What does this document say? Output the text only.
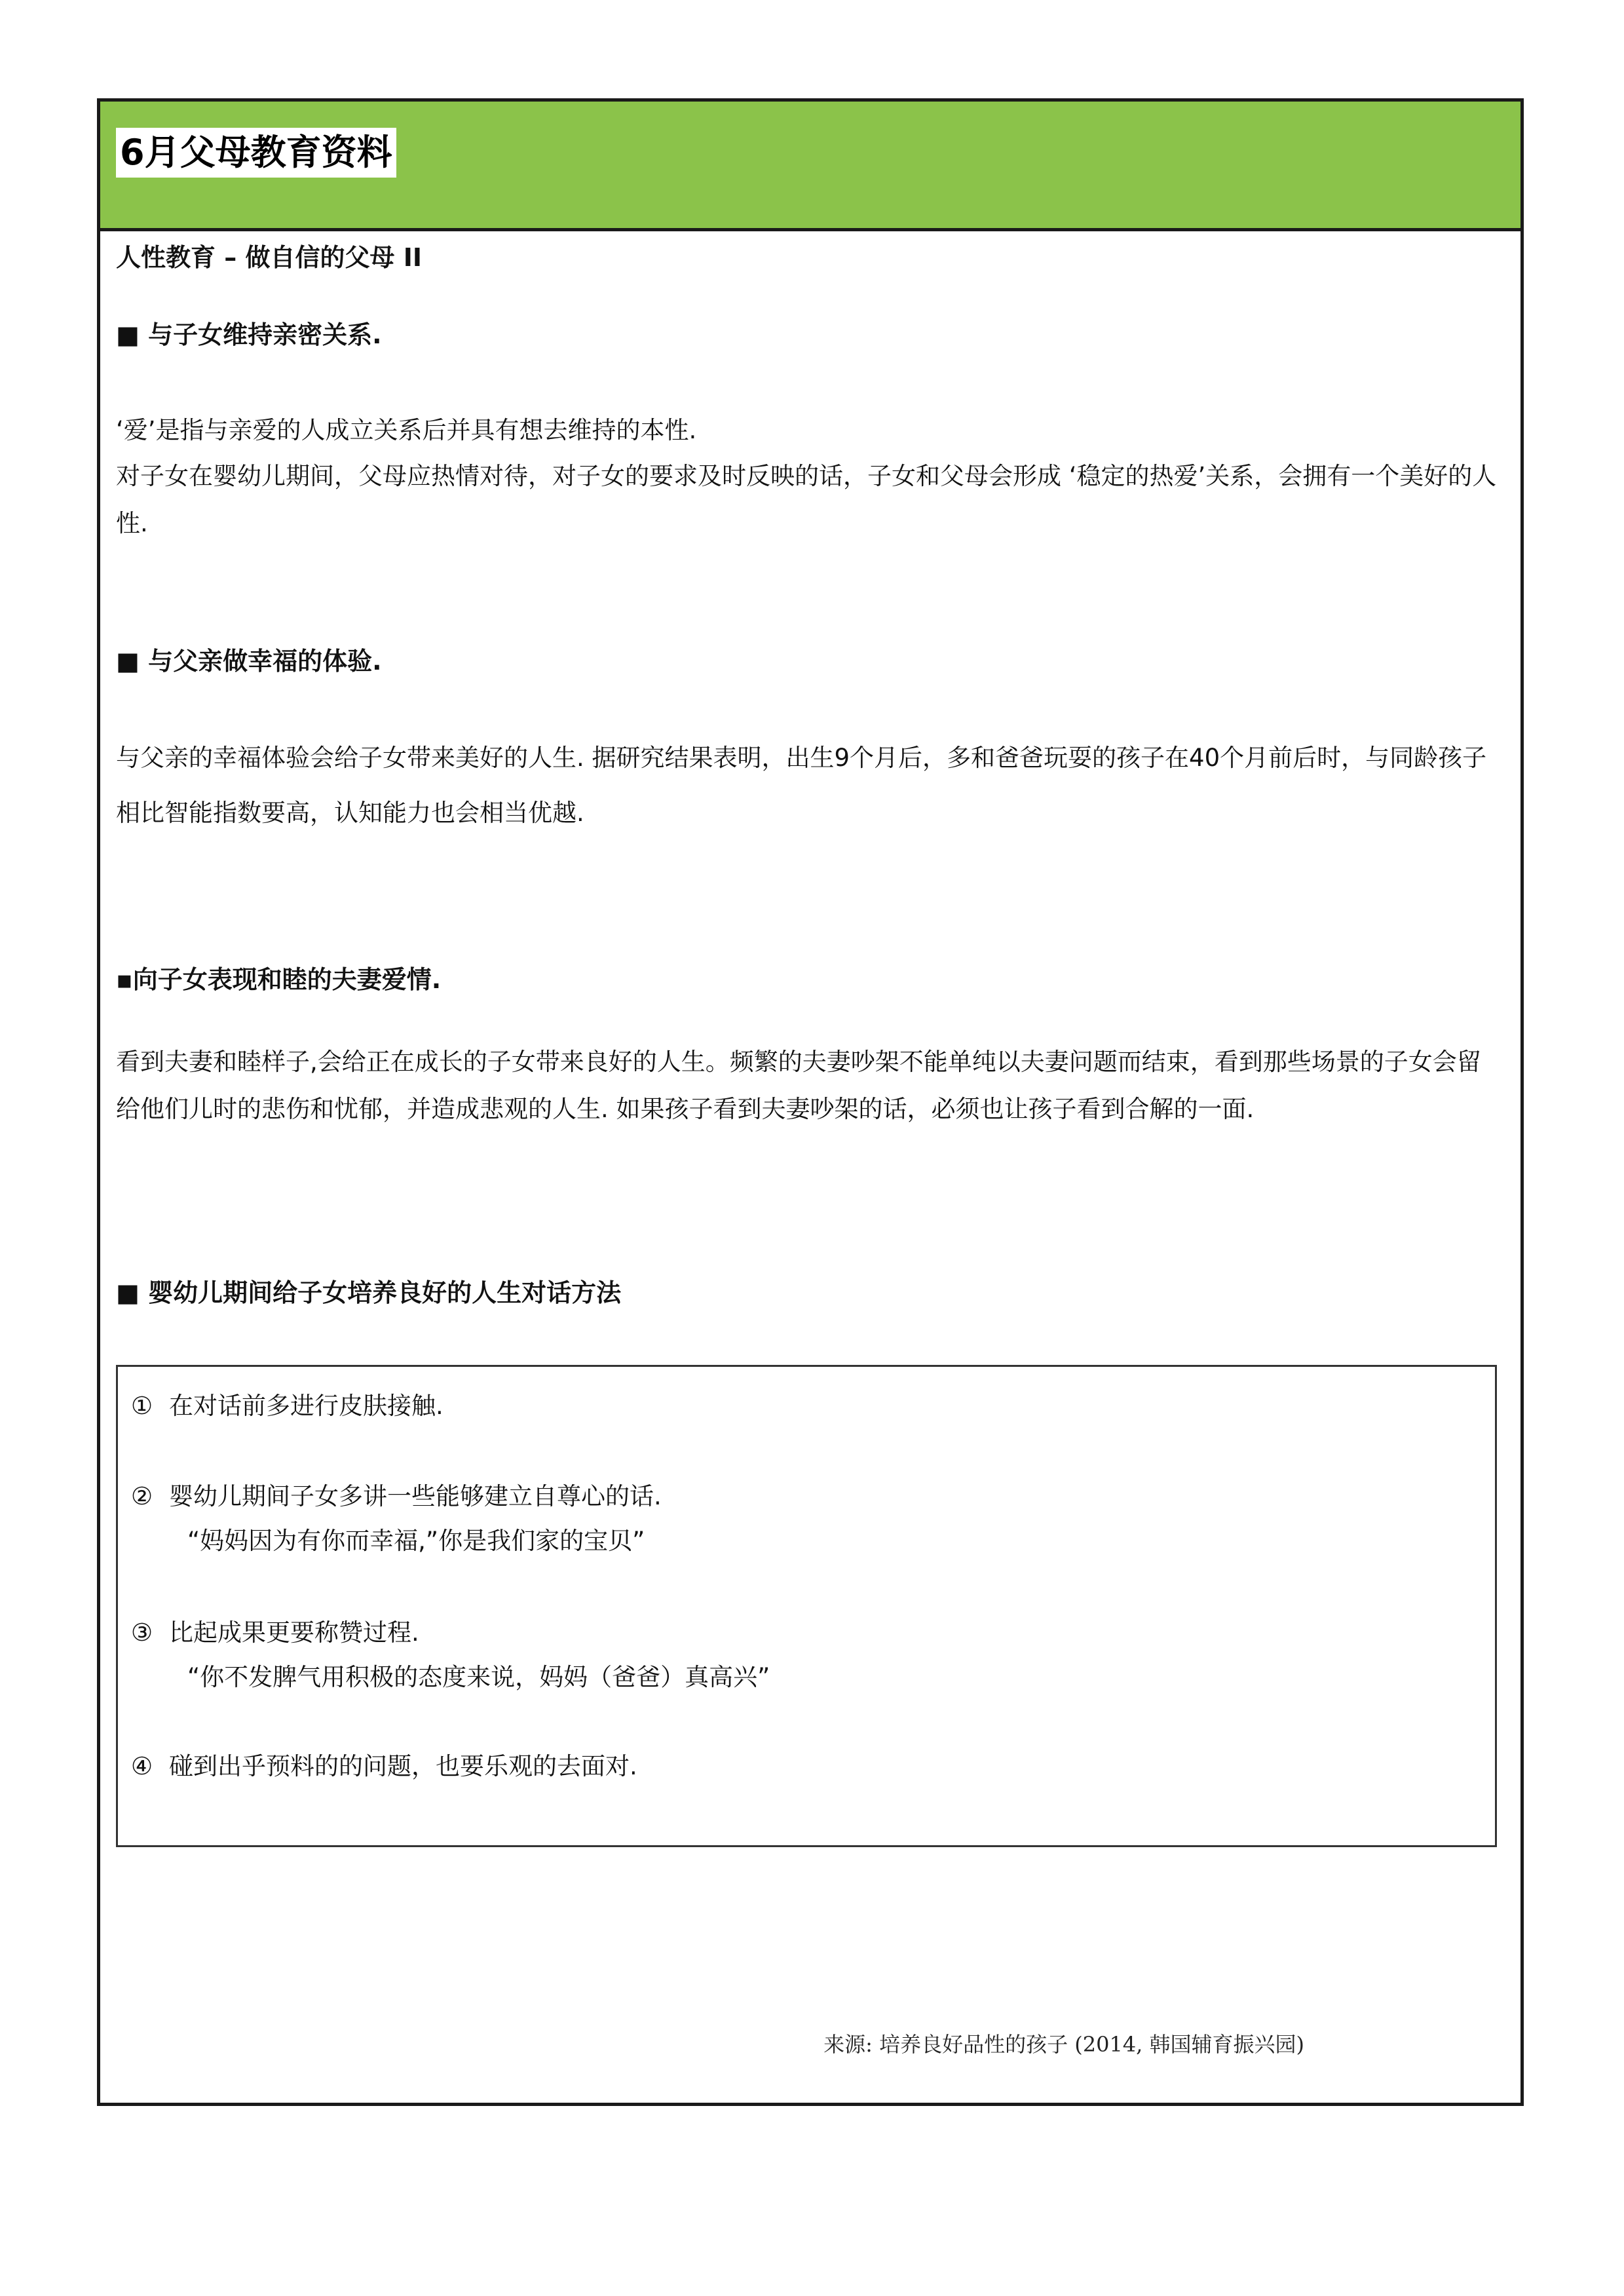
6月父母教育资料
人性教育 – 做自信的父母 II
■ 与子女维持亲密关系.
‘爱’是指与亲爱的人成立关系后并具有想去维持的本性.
对子女在婴幼儿期间，父母应热情对待，对子女的要求及时反映的话，子女和父母会形成 ‘稳定的热爱’关系，会拥有一个美好的人性.
■ 与父亲做幸福的体验.
与父亲的幸福体验会给子女带来美好的人生. 据研究结果表明，出生9个月后，多和爸爸玩耍的孩子在40个月前后时，与同龄孩子相比智能指数要高，认知能力也会相当优越.
▪向子女表现和睦的夫妻爱情.
看到夫妻和睦样子,会给正在成长的子女带来良好的人生。频繁的夫妻吵架不能单纯以夫妻问题而结束，看到那些场景的子女会留给他们儿时的悲伤和忧郁，并造成悲观的人生. 如果孩子看到夫妻吵架的话，必须也让孩子看到合解的一面.
■ 婴幼儿期间给子女培养良好的人生对话方法
① 在对话前多进行皮肤接触.
② 婴幼儿期间子女多讲一些能够建立自尊心的话.
“妈妈因为有你而幸福,”你是我们家的宝贝”
③ 比起成果更要称赞过程.
“你不发脾气用积极的态度来说，妈妈（爸爸）真高兴”
④ 碰到出乎预料的的问题，也要乐观的去面对.
来源: 培养良好品性的孩子 (2014, 韩国辅育振兴园)
